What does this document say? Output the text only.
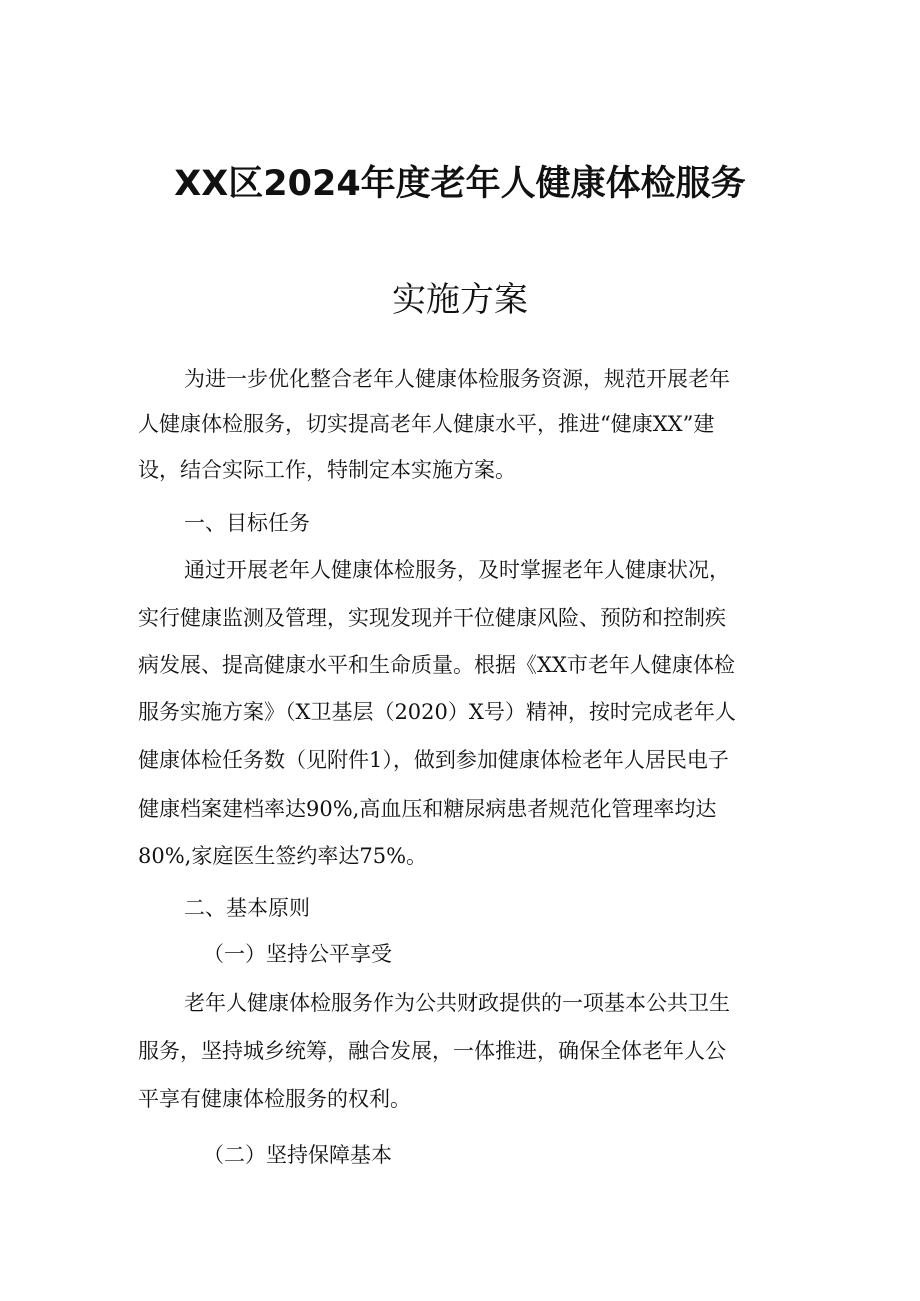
XX区2024年度老年人健康体检服务
实施方案
为进一步优化整合老年人健康体检服务资源，规范开展老年
人健康体检服务，切实提高老年人健康水平，推进“健康XX”建
设，结合实际工作，特制定本实施方案。
一、目标任务
通过开展老年人健康体检服务，及时掌握老年人健康状况，
实行健康监测及管理，实现发现并干位健康风险、预防和控制疾
病发展、提高健康水平和生命质量。根据《XX市老年人健康体检
服务实施方案》（X卫基层（2020）X号）精神，按时完成老年人
健康体检任务数（见附件1），做到参加健康体检老年人居民电子
健康档案建档率达90%,高血压和糖尿病患者规范化管理率均达
80%,家庭医生签约率达75%。
二、基本原则
（一）坚持公平享受
老年人健康体检服务作为公共财政提供的一项基本公共卫生
服务，坚持城乡统筹，融合发展，一体推进，确保全体老年人公
平享有健康体检服务的权利。
（二）坚持保障基本
